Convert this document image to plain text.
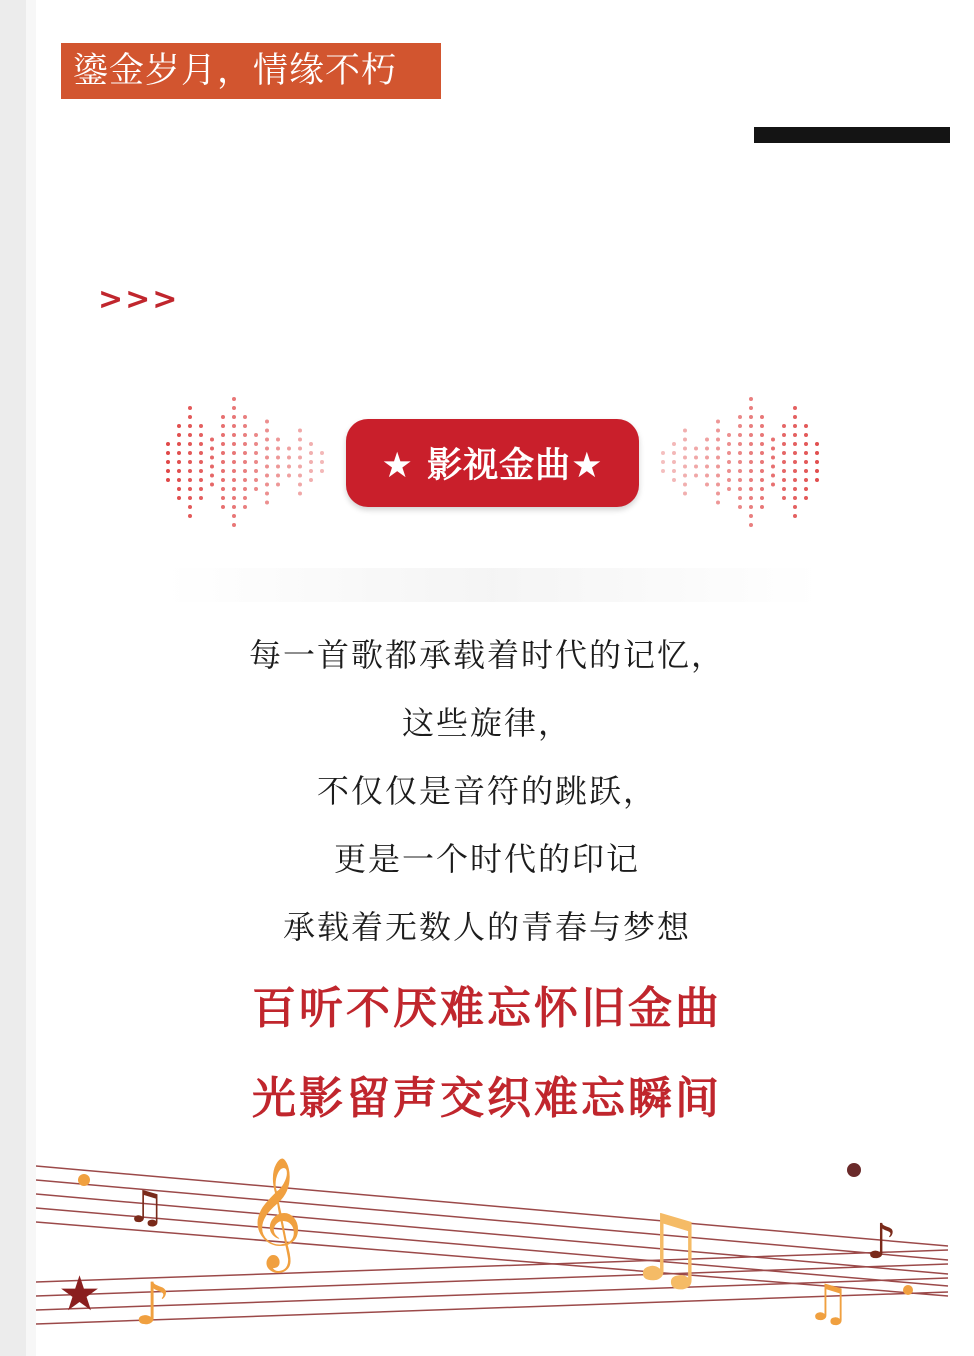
鎏金岁月，情缘不朽
>>>
★ 影视金曲★
每一首歌都承载着时代的记忆，
这些旋律，
不仅仅是音符的跳跃，
更是一个时代的印记
承载着无数人的青春与梦想
百听不厌难忘怀旧金曲
光影留声交织难忘瞬间
𝄞
♫
♪
♫	♪
♫
★
